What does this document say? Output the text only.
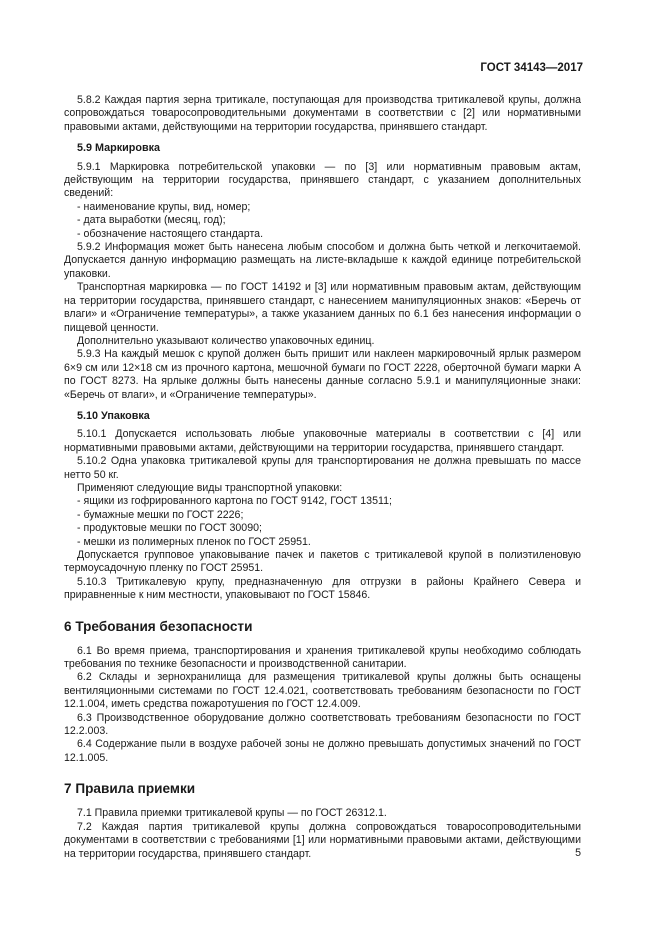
ГОСТ 34143—2017

5.8.2 Каждая партия зерна тритикале, поступающая для производства тритикалевой крупы, должна сопровождаться товаросопроводительными документами в соответствии с [2] или нормативными правовыми актами, действующими на территории государства, принявшего стандарт.

5.9 Маркировка

5.9.1 Маркировка потребительской упаковки — по [3] или нормативным правовым актам, действующим на территории государства, принявшего стандарт, с указанием дополнительных сведений:

- наименование крупы, вид, номер;

- дата выработки (месяц, год);

- обозначение настоящего стандарта.

5.9.2 Информация может быть нанесена любым способом и должна быть четкой и легкочитаемой. Допускается данную информацию размещать на листе-вкладыше к каждой единице потребительской упаковки.

Транспортная маркировка — по ГОСТ 14192 и [3] или нормативным правовым актам, действующим на территории государства, принявшего стандарт, с нанесением манипуляционных знаков: «Беречь от влаги» и «Ограничение температуры», а также указанием данных по 6.1 без нанесения информации о пищевой ценности.

Дополнительно указывают количество упаковочных единиц.

5.9.3 На каждый мешок с крупой должен быть пришит или наклеен маркировочный ярлык размером 6×9 см или 12×18 см из прочного картона, мешочной бумаги по ГОСТ 2228, оберточной бумаги марки А по ГОСТ 8273. На ярлыке должны быть нанесены данные согласно 5.9.1 и манипуляционные знаки: «Беречь от влаги», и «Ограничение температуры».

5.10 Упаковка

5.10.1 Допускается использовать любые упаковочные материалы в соответствии с [4] или нормативными правовыми актами, действующими на территории государства, принявшего стандарт.

5.10.2 Одна упаковка тритикалевой крупы для транспортирования не должна превышать по массе нетто 50 кг.

Применяют следующие виды транспортной упаковки:

- ящики из гофрированного картона по ГОСТ 9142, ГОСТ 13511;

- бумажные мешки по ГОСТ 2226;

- продуктовые мешки по ГОСТ 30090;

- мешки из полимерных пленок по ГОСТ 25951.

Допускается групповое упаковывание пачек и пакетов с тритикалевой крупой в полиэтиленовую термоусадочную пленку по ГОСТ 25951.

5.10.3 Тритикалевую крупу, предназначенную для отгрузки в районы Крайнего Севера и приравненные к ним местности, упаковывают по ГОСТ 15846.

6 Требования безопасности

6.1 Во время приема, транспортирования и хранения тритикалевой крупы необходимо соблюдать требования по технике безопасности и производственной санитарии.

6.2 Склады и зернохранилища для размещения тритикалевой крупы должны быть оснащены вентиляционными системами по ГОСТ 12.4.021, соответствовать требованиям безопасности по ГОСТ 12.1.004, иметь средства пожаротушения по ГОСТ 12.4.009.

6.3 Производственное оборудование должно соответствовать требованиям безопасности по ГОСТ 12.2.003.

6.4 Содержание пыли в воздухе рабочей зоны не должно превышать допустимых значений по ГОСТ 12.1.005.

7 Правила приемки

7.1 Правила приемки тритикалевой крупы — по ГОСТ 26312.1.

7.2 Каждая партия тритикалевой крупы должна сопровождаться товаросопроводительными документами в соответствии с требованиями [1] или нормативными правовыми актами, действующими на территории государства, принявшего стандарт.	5
